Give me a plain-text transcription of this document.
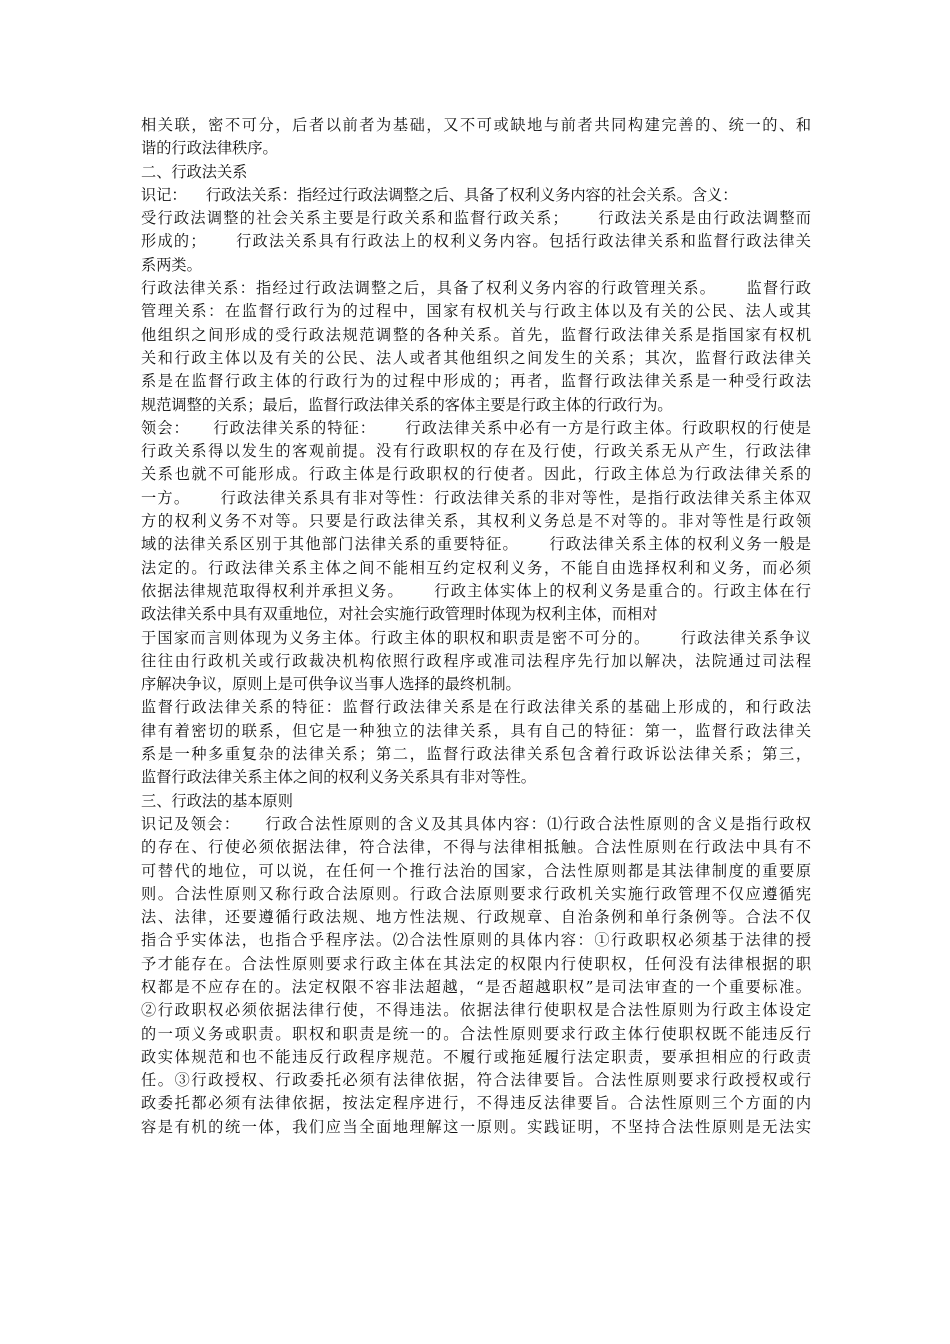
相关联，密不可分，后者以前者为基础，又不可或缺地与前者共同构建完善的、统一的、和
谐的行政法律秩序。
二、行政法关系
识记：    行政法关系：指经过行政法调整之后、具备了权利义务内容的社会关系。含义：
受行政法调整的社会关系主要是行政关系和监督行政关系；     行政法关系是由行政法调整而
形成的；     行政法关系具有行政法上的权利义务内容。包括行政法律关系和监督行政法律关
系两类。
行政法律关系：指经过行政法调整之后，具备了权利义务内容的行政管理关系。     监督行政
管理关系：在监督行政行为的过程中，国家有权机关与行政主体以及有关的公民、法人或其
他组织之间形成的受行政法规范调整的各种关系。首先，监督行政法律关系是指国家有权机
关和行政主体以及有关的公民、法人或者其他组织之间发生的关系；其次，监督行政法律关
系是在监督行政主体的行政行为的过程中形成的；再者，监督行政法律关系是一种受行政法
规范调整的关系；最后，监督行政法律关系的客体主要是行政主体的行政行为。
领会：    行政法律关系的特征：     行政法律关系中必有一方是行政主体。行政职权的行使是
行政关系得以发生的客观前提。没有行政职权的存在及行使，行政关系无从产生，行政法律
关系也就不可能形成。行政主体是行政职权的行使者。因此，行政主体总为行政法律关系的
一方。     行政法律关系具有非对等性：行政法律关系的非对等性，是指行政法律关系主体双
方的权利义务不对等。只要是行政法律关系，其权利义务总是不对等的。非对等性是行政领
域的法律关系区别于其他部门法律关系的重要特征。     行政法律关系主体的权利义务一般是
法定的。行政法律关系主体之间不能相互约定权利义务，不能自由选择权利和义务，而必须
依据法律规范取得权利并承担义务。     行政主体实体上的权利义务是重合的。行政主体在行
政法律关系中具有双重地位，对社会实施行政管理时体现为权利主体，而相对
于国家而言则体现为义务主体。行政主体的职权和职责是密不可分的。     行政法律关系争议
往往由行政机关或行政裁决机构依照行政程序或准司法程序先行加以解决，法院通过司法程
序解决争议，原则上是可供争议当事人选择的最终机制。
监督行政法律关系的特征：监督行政法律关系是在行政法律关系的基础上形成的，和行政法
律有着密切的联系，但它是一种独立的法律关系，具有自己的特征：第一，监督行政法律关
系是一种多重复杂的法律关系；第二，监督行政法律关系包含着行政诉讼法律关系；第三，
监督行政法律关系主体之间的权利义务关系具有非对等性。
三、行政法的基本原则
识记及领会：    行政合法性原则的含义及其具体内容：⑴行政合法性原则的含义是指行政权
的存在、行使必须依据法律，符合法律，不得与法律相抵触。合法性原则在行政法中具有不
可替代的地位，可以说，在任何一个推行法治的国家，合法性原则都是其法律制度的重要原
则。合法性原则又称行政合法原则。行政合法原则要求行政机关实施行政管理不仅应遵循宪
法、法律，还要遵循行政法规、地方性法规、行政规章、自治条例和单行条例等。合法不仅
指合乎实体法，也指合乎程序法。⑵合法性原则的具体内容：①行政职权必须基于法律的授
予才能存在。合法性原则要求行政主体在其法定的权限内行使职权，任何没有法律根据的职
权都是不应存在的。法定权限不容非法超越，“是否超越职权”是司法审查的一个重要标准。
②行政职权必须依据法律行使，不得违法。依据法律行使职权是合法性原则为行政主体设定
的一项义务或职责。职权和职责是统一的。合法性原则要求行政主体行使职权既不能违反行
政实体规范和也不能违反行政程序规范。不履行或拖延履行法定职责，要承担相应的行政责
任。③行政授权、行政委托必须有法律依据，符合法律要旨。合法性原则要求行政授权或行
政委托都必须有法律依据，按法定程序进行，不得违反法律要旨。合法性原则三个方面的内
容是有机的统一体，我们应当全面地理解这一原则。实践证明，不坚持合法性原则是无法实
